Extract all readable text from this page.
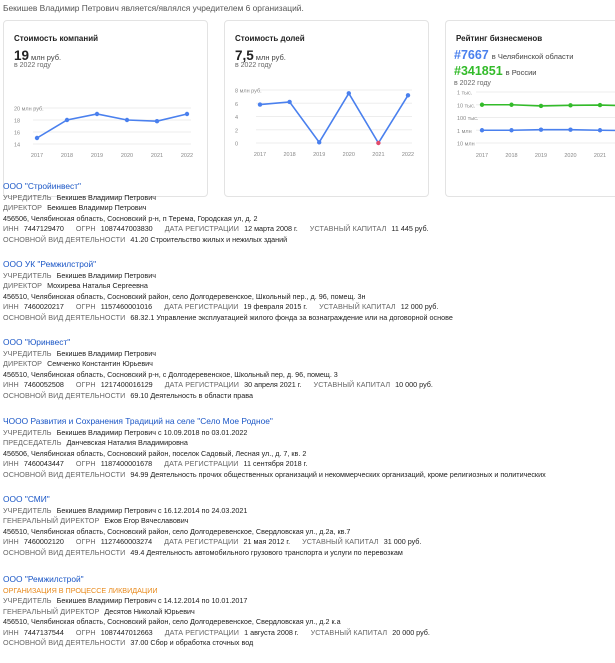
Бекишев Владимир Петрович является/являлся учредителем 6 организаций.
Стоимость компаний
19 млн руб.
в 2022 году
14
16
18
20 млн руб.
2017	2018	2019	2020	2021	2022
Стоимость долей
7,5 млн руб.
в 2022 году
0
2
4
6
8 млн руб.
2017	2018	2019	2020	2021	2022
Рейтинг бизнесменов
#7667 в Челябинской области
#341851 в России
в 2022 году
1 тыс.
10 тыс.
100 тыс.
1 млн
10 млн
2017	2018	2019	2020	2021
ООО "Стройинвест"
УЧРЕДИТЕЛЬ Бекишев Владимир Петрович
ДИРЕКТОР Бекишев Владимир Петрович
456506, Челябинская область, Сосновский р-н, п Терема, Городская ул, д. 2
ИНН 7447129470 ОГРН 1087447003830 ДАТА РЕГИСТРАЦИИ 12 марта 2008 г. УСТАВНЫЙ КАПИТАЛ 11 445 руб.
ОСНОВНОЙ ВИД ДЕЯТЕЛЬНОСТИ 41.20 Строительство жилых и нежилых зданий
ООО УК "Ремжилстрой"
УЧРЕДИТЕЛЬ Бекишев Владимир Петрович
ДИРЕКТОР Мохирева Наталья Сергеевна
456510, Челябинская область, Сосновский район, село Долгодеревенское, Школьный пер., д. 96, помещ. 3н
ИНН 7460020217 ОГРН 1157460001016 ДАТА РЕГИСТРАЦИИ 19 февраля 2015 г. УСТАВНЫЙ КАПИТАЛ 12 000 руб.
ОСНОВНОЙ ВИД ДЕЯТЕЛЬНОСТИ 68.32.1 Управление эксплуатацией жилого фонда за вознаграждение или на договорной основе
ООО "Юринвест"
УЧРЕДИТЕЛЬ Бекишев Владимир Петрович
ДИРЕКТОР Семченко Константин Юрьевич
456510, Челябинская область, Сосновский р-н, с Долгодеревенское, Школьный пер, д. 96, помещ. 3
ИНН 7460052508 ОГРН 1217400016129 ДАТА РЕГИСТРАЦИИ 30 апреля 2021 г. УСТАВНЫЙ КАПИТАЛ 10 000 руб.
ОСНОВНОЙ ВИД ДЕЯТЕЛЬНОСТИ 69.10 Деятельность в области права
ЧООО Развития и Сохранения Традиций на селе "Село Мое Родное"
УЧРЕДИТЕЛЬ Бекишев Владимир Петрович с 10.09.2018 по 03.01.2022
ПРЕДСЕДАТЕЛЬ Данчевская Наталия Владимировна
456506, Челябинская область, Сосновский район, поселок Садовый, Лесная ул., д. 7, кв. 2
ИНН 7460043447 ОГРН 1187400001678 ДАТА РЕГИСТРАЦИИ 11 сентября 2018 г.
ОСНОВНОЙ ВИД ДЕЯТЕЛЬНОСТИ 94.99 Деятельность прочих общественных организаций и некоммерческих организаций, кроме религиозных и политических
ООО "СМИ"
УЧРЕДИТЕЛЬ Бекишев Владимир Петрович с 16.12.2014 по 24.03.2021
ГЕНЕРАЛЬНЫЙ ДИРЕКТОР Ежов Егор Вячеславович
456510, Челябинская область, Сосновский район, село Долгодеревенское, Свердловская ул., д.2а, кв.7
ИНН 7460002120 ОГРН 1127460003274 ДАТА РЕГИСТРАЦИИ 21 мая 2012 г. УСТАВНЫЙ КАПИТАЛ 31 000 руб.
ОСНОВНОЙ ВИД ДЕЯТЕЛЬНОСТИ 49.4 Деятельность автомобильного грузового транспорта и услуги по перевозкам
ООО "Ремжилстрой"
ОРГАНИЗАЦИЯ В ПРОЦЕССЕ ЛИКВИДАЦИИ
УЧРЕДИТЕЛЬ Бекишев Владимир Петрович с 14.12.2014 по 10.01.2017
ГЕНЕРАЛЬНЫЙ ДИРЕКТОР Десятов Николай Юрьевич
456510, Челябинская область, Сосновский район, село Долгодеревенское, Свердловская ул., д.2 к.а
ИНН 7447137544 ОГРН 1087447012663 ДАТА РЕГИСТРАЦИИ 1 августа 2008 г. УСТАВНЫЙ КАПИТАЛ 20 000 руб.
ОСНОВНОЙ ВИД ДЕЯТЕЛЬНОСТИ 37.00 Сбор и обработка сточных вод
